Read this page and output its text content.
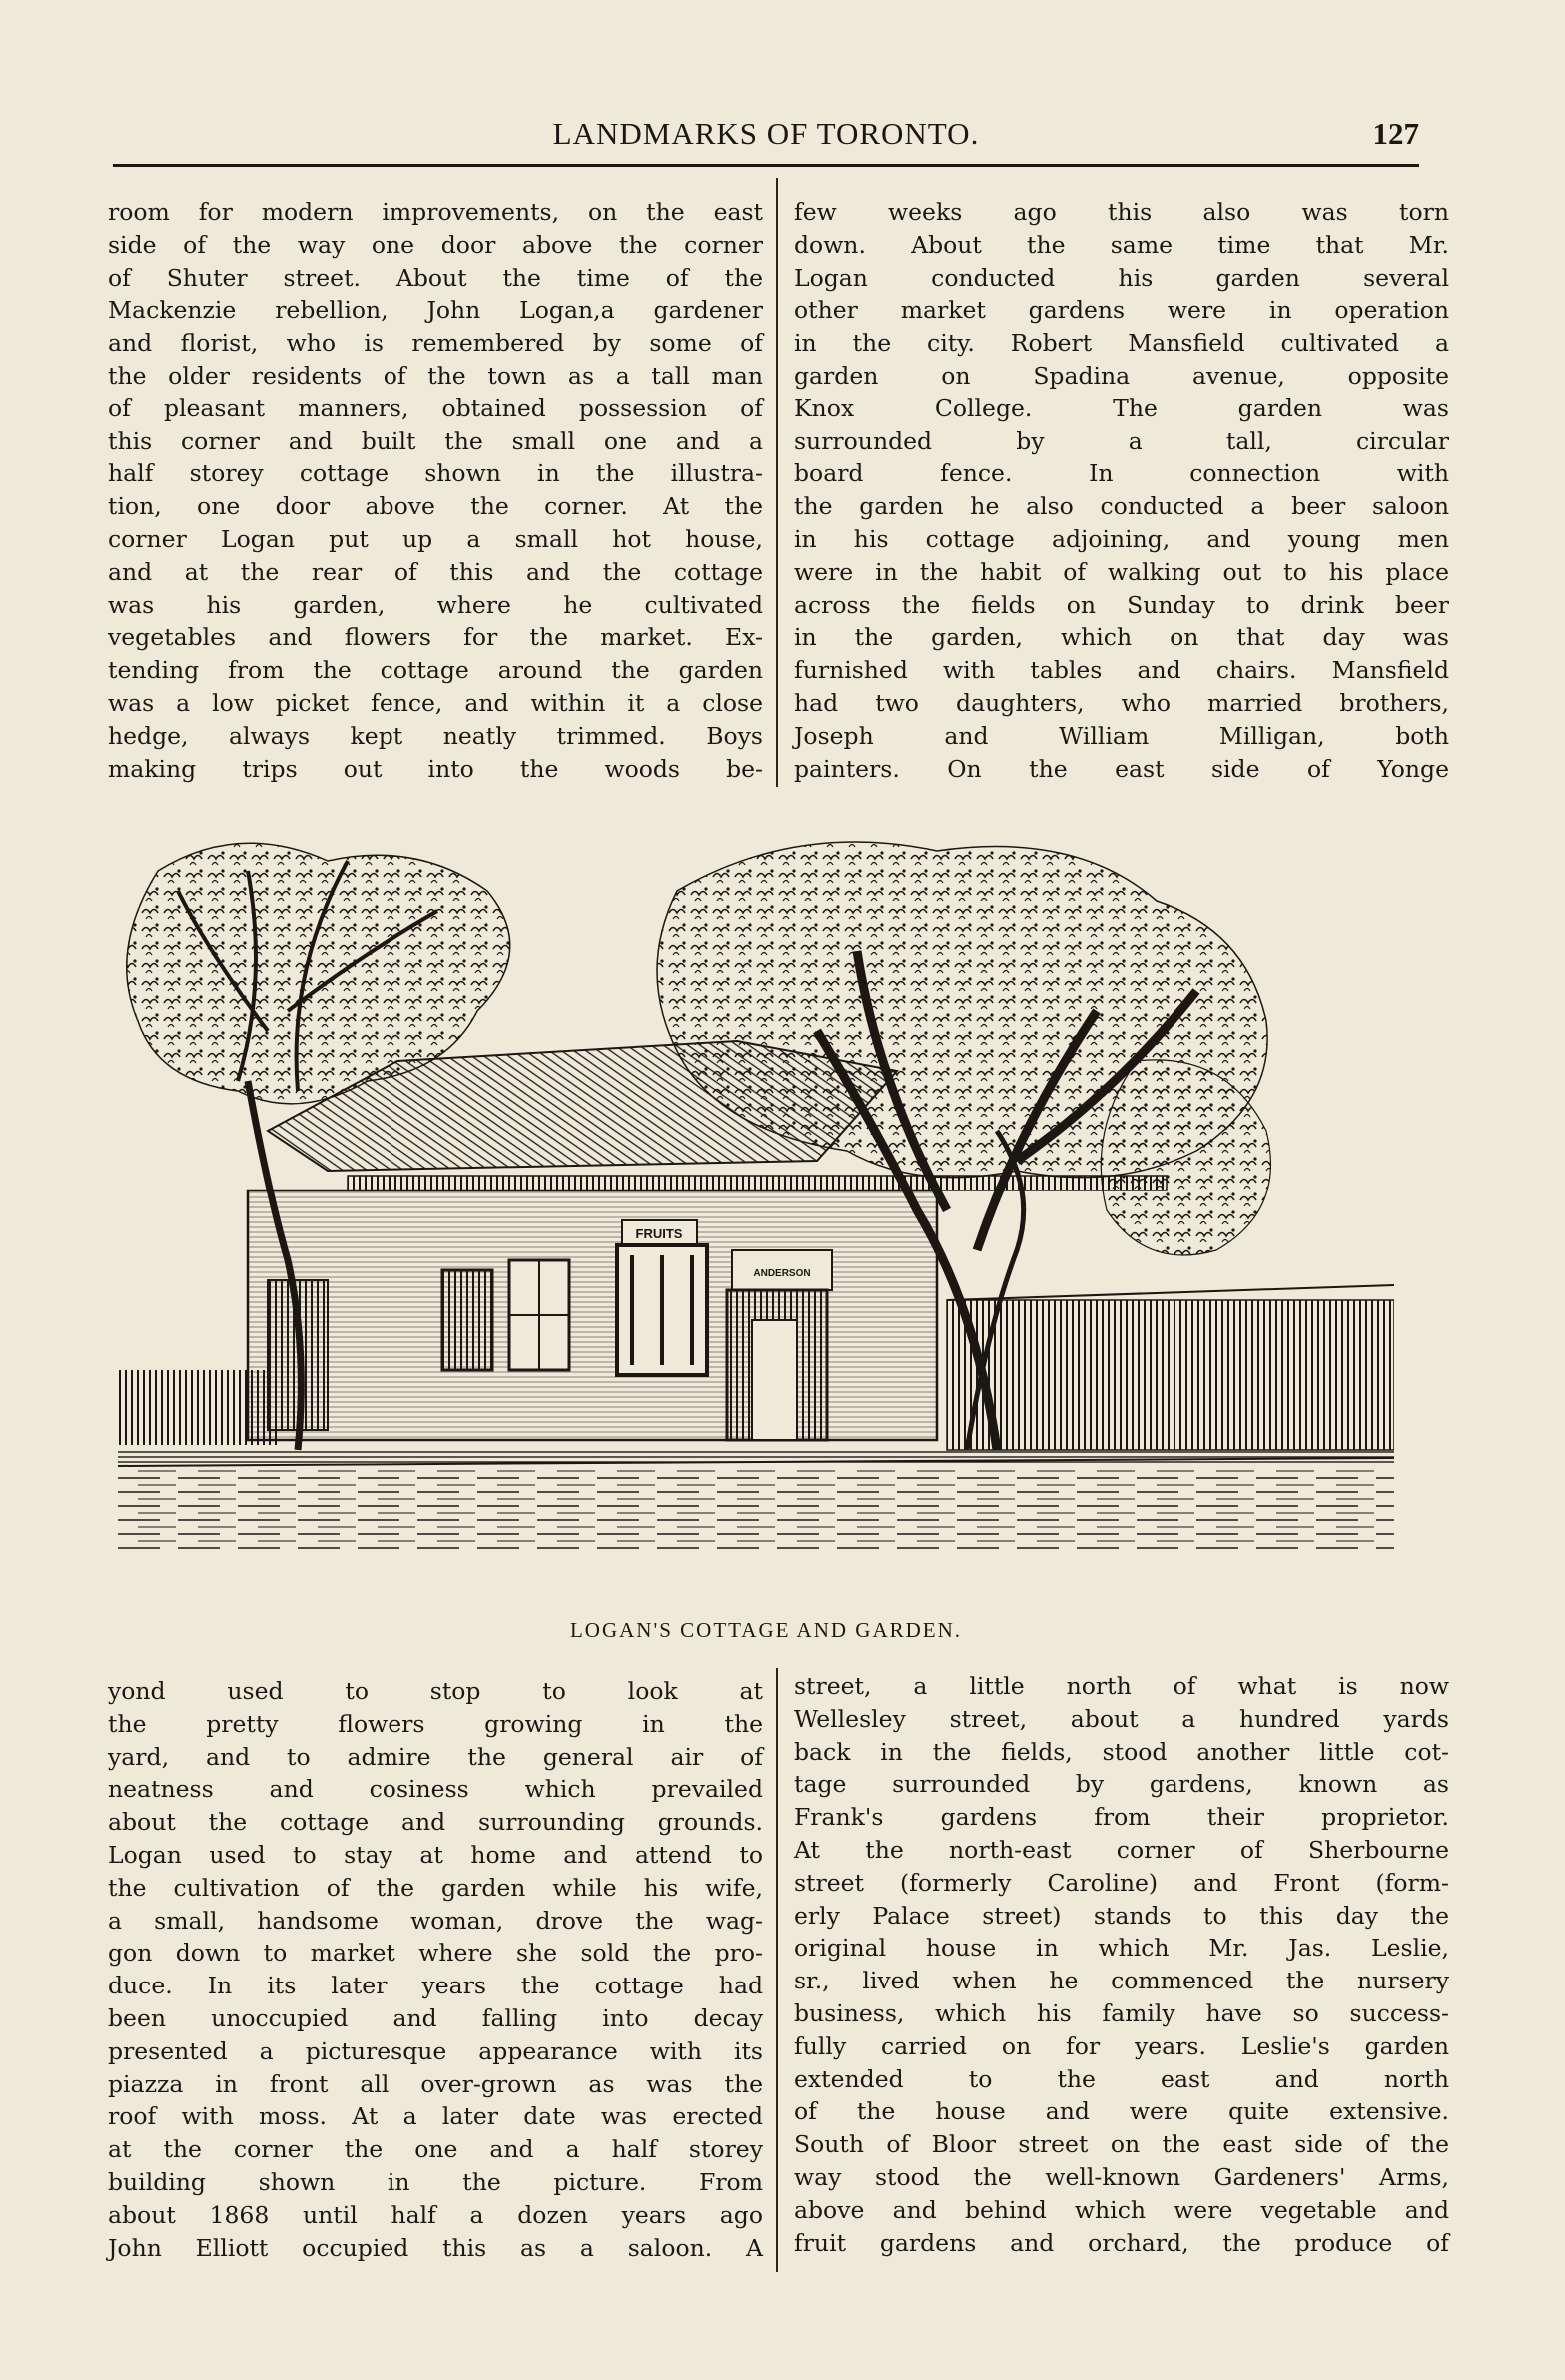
LANDMARKS OF TORONTO.	127

room for modern improvements, on the east
side of the way one door above the corner
of Shuter street. About the time of the
Mackenzie rebellion, John Logan,a gardener
and florist, who is remembered by some of
the older residents of the town as a tall man
of pleasant manners, obtained possession of
this corner and built the small one and a
half storey cottage shown in the illustra-
tion, one door above the corner. At the
corner Logan put up a small hot house,
and at the rear of this and the cottage
was his garden, where he cultivated
vegetables and flowers for the market. Ex-
tending from the cottage around the garden
was a low picket fence, and within it a close
hedge, always kept neatly trimmed. Boys
making trips out into the woods be-

few weeks ago this also was torn
down. About the same time that Mr.
Logan conducted his garden several
other market gardens were in operation
in the city. Robert Mansfield cultivated a
garden on Spadina avenue, opposite
Knox College. The garden was
surrounded by a tall, circular
board fence. In connection with
the garden he also conducted a beer saloon
in his cottage adjoining, and young men
were in the habit of walking out to his place
across the fields on Sunday to drink beer
in the garden, which on that day was
furnished with tables and chairs. Mansfield
had two daughters, who married brothers,
Joseph and William Milligan, both
painters. On the east side of Yonge

FRUITS
ANDERSON
LOGAN'S COTTAGE AND GARDEN.

yond used to stop to look at
the pretty flowers growing in the
yard, and to admire the general air of
neatness and cosiness which prevailed
about the cottage and surrounding grounds.
Logan used to stay at home and attend to
the cultivation of the garden while his wife,
a small, handsome woman, drove the wag-
gon down to market where she sold the pro-
duce. In its later years the cottage had
been unoccupied and falling into decay
presented a picturesque appearance with its
piazza in front all over-grown as was the
roof with moss. At a later date was erected
at the corner the one and a half storey
building shown in the picture. From
about 1868 until half a dozen years ago
John Elliott occupied this as a saloon. A

street, a little north of what is now
Wellesley street, about a hundred yards
back in the fields, stood another little cot-
tage surrounded by gardens, known as
Frank's gardens from their proprietor.
At the north-east corner of Sherbourne
street (formerly Caroline) and Front (form-
erly Palace street) stands to this day the
original house in which Mr. Jas. Leslie,
sr., lived when he commenced the nursery
business, which his family have so success-
fully carried on for years. Leslie's garden
extended to the east and north
of the house and were quite extensive.
South of Bloor street on the east side of the
way stood the well-known Gardeners' Arms,
above and behind which were vegetable and
fruit gardens and orchard, the produce of
